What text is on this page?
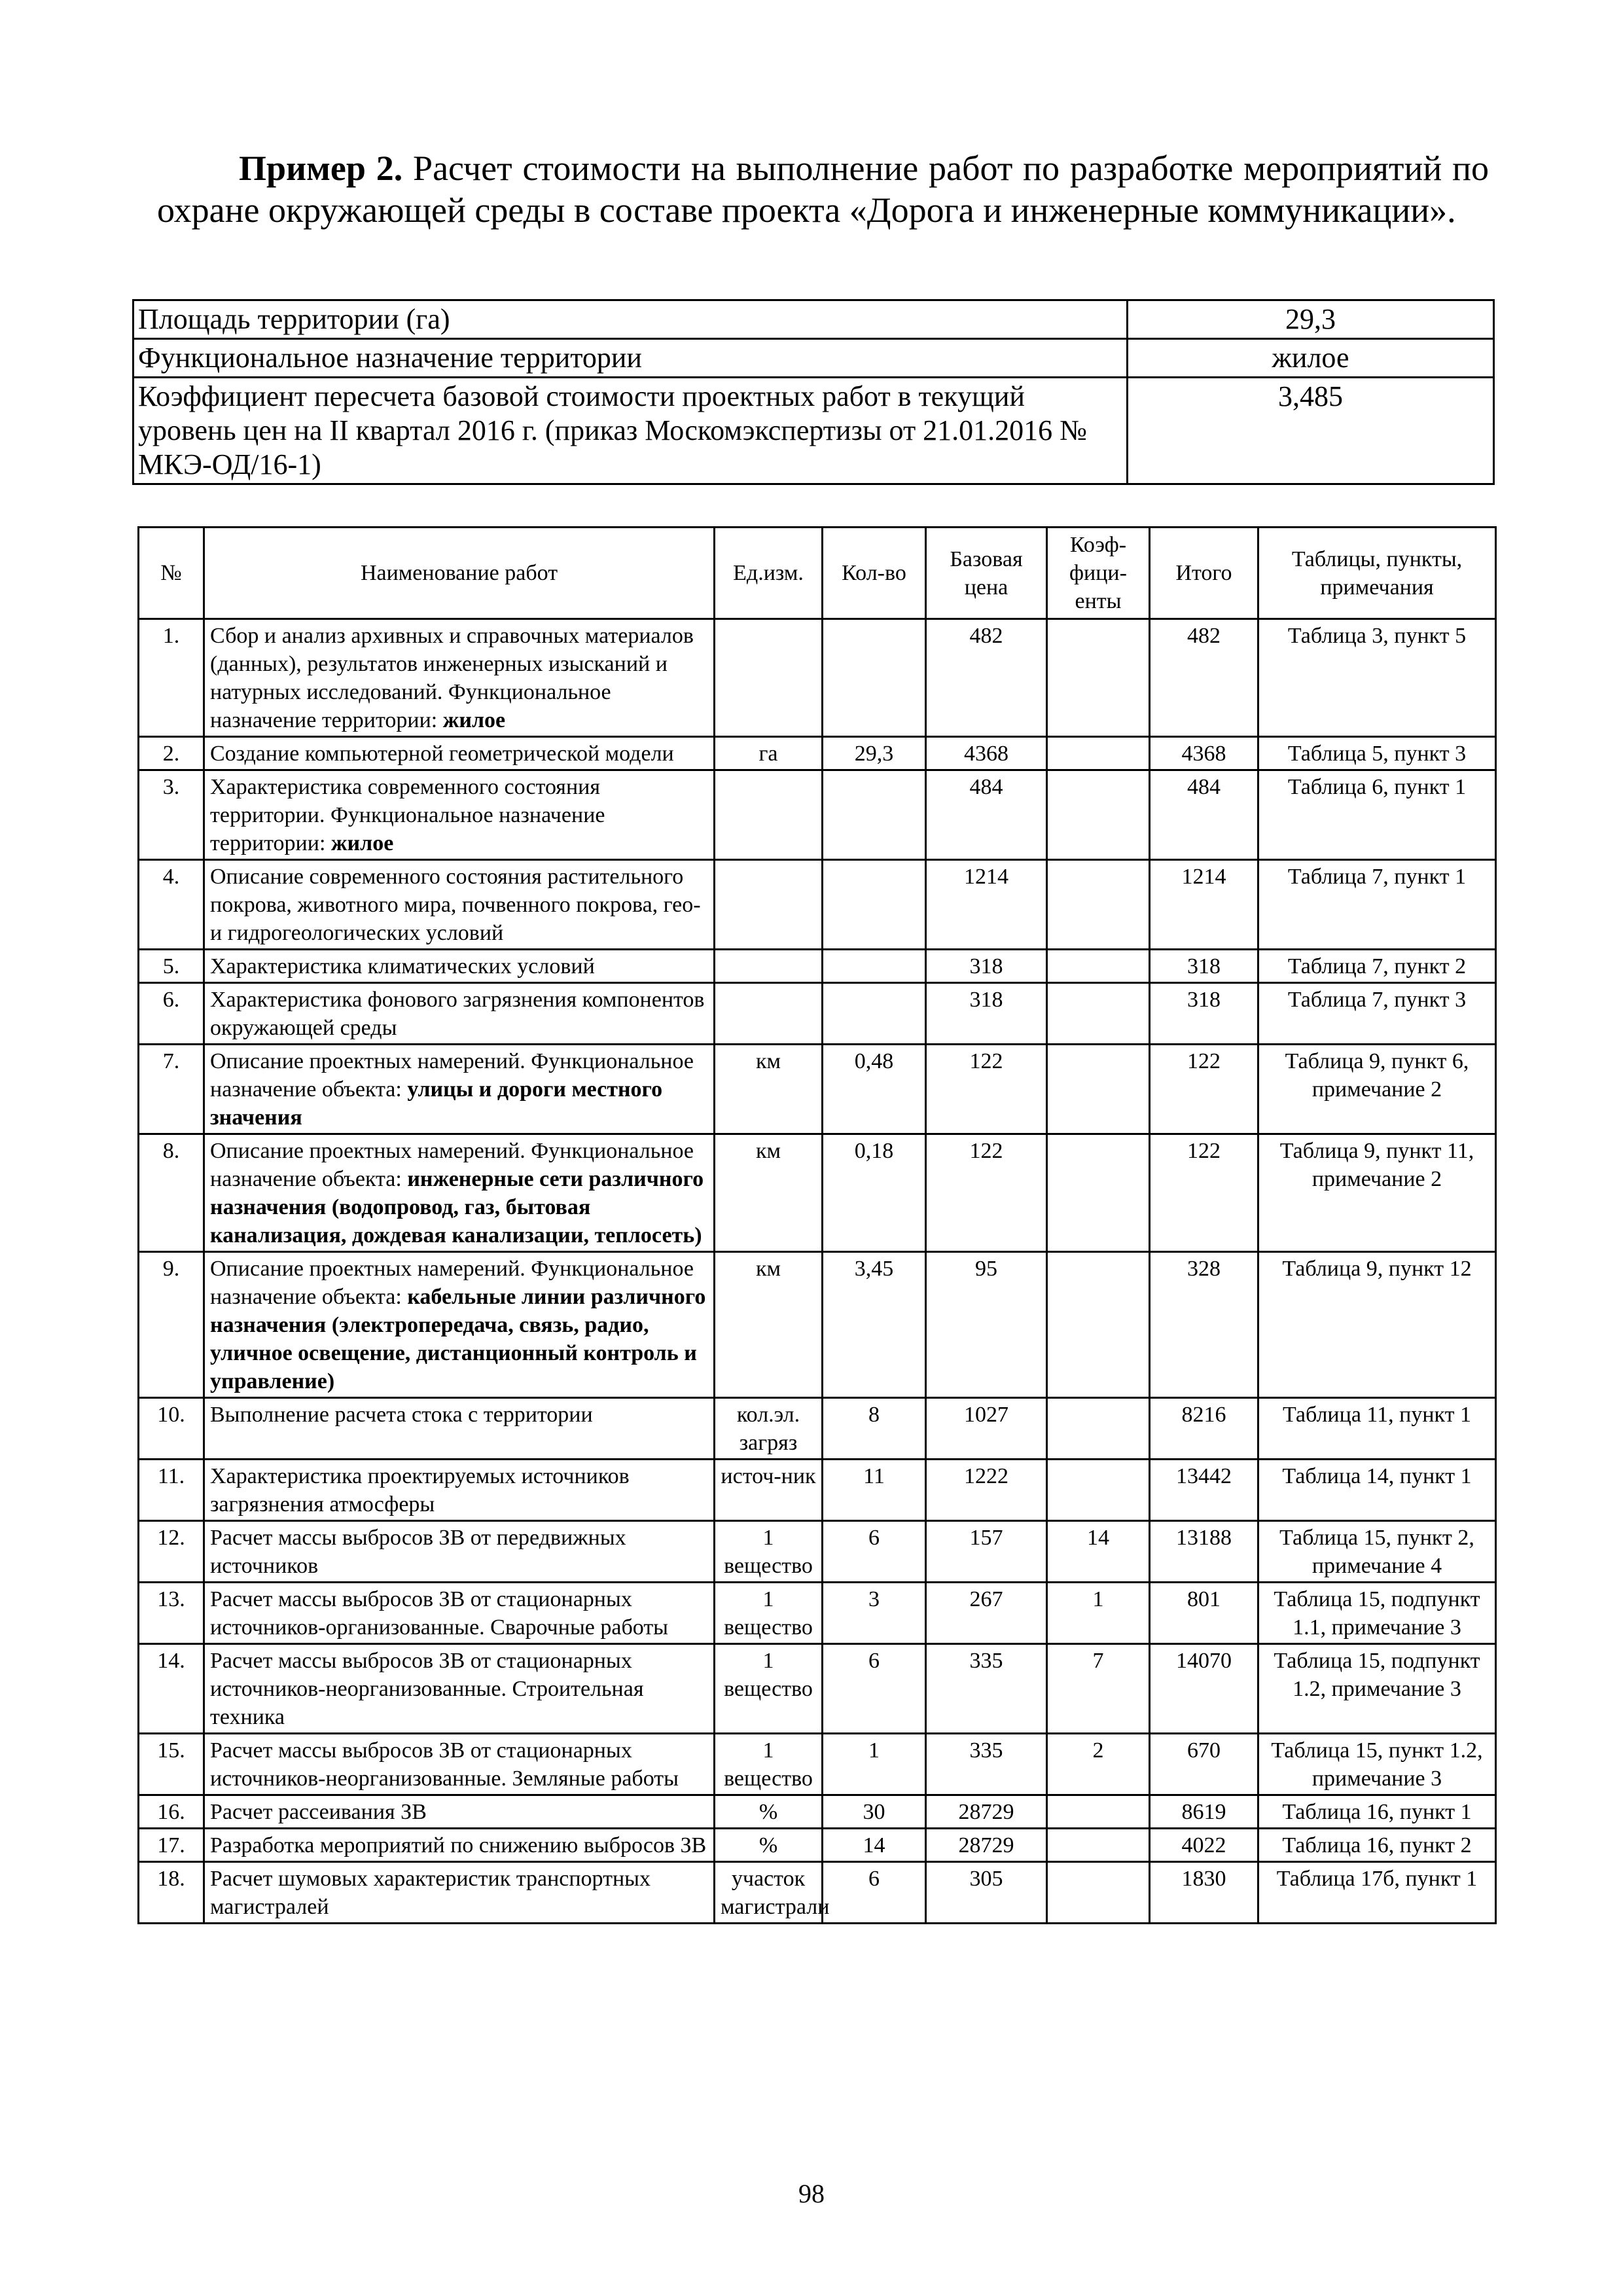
Пример 2. Расчет стоимости на выполнение работ по разработке мероприятий по охране окружающей среды в составе проекта «Дорога и инженерные коммуникации».
Площадь территории (га)	29,3
Функциональное назначение территории	жилое
Коэффициент пересчета базовой стоимости проектных работ в текущий уровень цен на II квартал 2016 г. (приказ Москомэкспертизы от 21.01.2016 № МКЭ-ОД/16-1)	3,485
№	Наименование работ	Ед.изм.	Кол-во	Базовая цена	Коэф-фици-енты	Итого	Таблицы, пункты, примечания
1.	Сбор и анализ архивных и справочных материалов (данных), результатов инженерных изысканий и натурных исследований. Функциональное назначение территории: жилое			482		482	Таблица 3, пункт 5
2.	Создание компьютерной геометрической модели	га	29,3	4368		4368	Таблица 5, пункт 3
3.	Характеристика современного состояния территории. Функциональное назначение территории: жилое			484		484	Таблица 6, пункт 1
4.	Описание современного состояния растительного покрова, животного мира, почвенного покрова, гео- и гидрогеологических условий			1214		1214	Таблица 7, пункт 1
5.	Характеристика климатических условий			318		318	Таблица 7, пункт 2
6.	Характеристика фонового загрязнения компонентов окружающей среды			318		318	Таблица 7, пункт 3
7.	Описание проектных намерений. Функциональное назначение объекта: улицы и дороги местного значения	км	0,48	122		122	Таблица 9, пункт 6, примечание 2
8.	Описание проектных намерений. Функциональное назначение объекта: инженерные сети различного назначения (водопровод, газ, бытовая канализация, дождевая канализации, теплосеть)	км	0,18	122		122	Таблица 9, пункт 11, примечание 2
9.	Описание проектных намерений. Функциональное назначение объекта: кабельные линии различного назначения (электропередача, связь, радио, уличное освещение, дистанционный контроль и управление)	км	3,45	95		328	Таблица 9, пункт 12
10.	Выполнение расчета стока с территории	кол.эл. загряз	8	1027		8216	Таблица 11, пункт 1
11.	Характеристика проектируемых источников загрязнения атмосферы	источ-ник	11	1222		13442	Таблица 14, пункт 1
12.	Расчет массы выбросов ЗВ от передвижных источников	1 вещество	6	157	14	13188	Таблица 15, пункт 2, примечание 4
13.	Расчет массы выбросов ЗВ от стационарных источников-организованные. Сварочные работы	1 вещество	3	267	1	801	Таблица 15, подпункт 1.1, примечание 3
14.	Расчет массы выбросов ЗВ от стационарных источников-неорганизованные. Строительная техника	1 вещество	6	335	7	14070	Таблица 15, подпункт 1.2, примечание 3
15.	Расчет массы выбросов ЗВ от стационарных источников-неорганизованные. Земляные работы	1 вещество	1	335	2	670	Таблица 15, пункт 1.2, примечание 3
16.	Расчет рассеивания ЗВ	%	30	28729		8619	Таблица 16, пункт 1
17.	Разработка мероприятий по снижению выбросов ЗВ	%	14	28729		4022	Таблица 16, пункт 2
18.	Расчет шумовых характеристик транспортных магистралей	участок магистрали	6	305		1830	Таблица 17б, пункт 1
98
